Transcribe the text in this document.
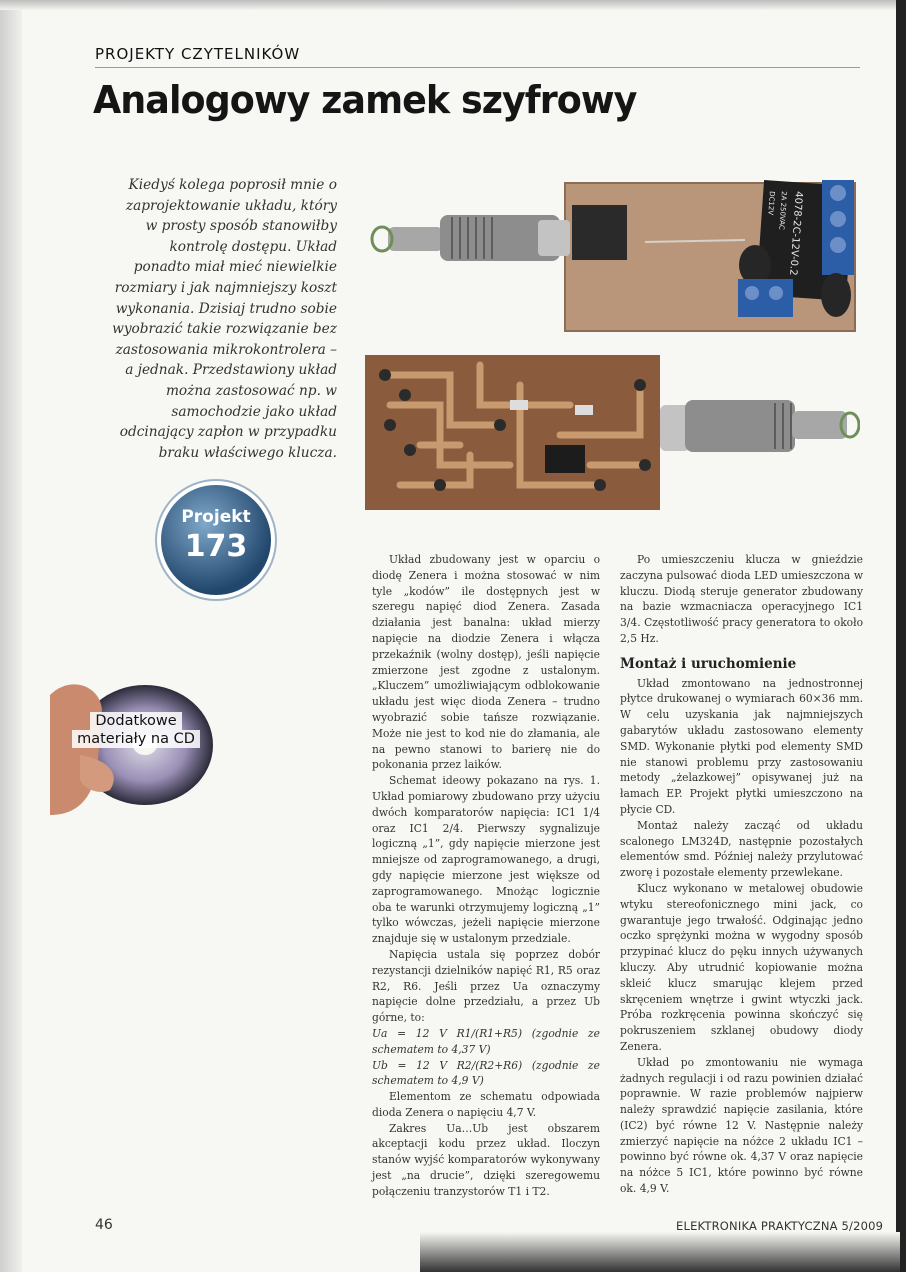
PROJEKTY CZYTELNIKÓW
Analogowy zamek szyfrowy
Kiedyś kolega poprosił mnie o zaprojektowanie układu, który w prosty sposób stanowiłby kontrolę dostępu. Układ ponadto miał mieć niewielkie rozmiary i jak najmniejszy koszt wykonania. Dzisiaj trudno sobie wyobrazić takie rozwiązanie bez zastosowania mikrokontrolera – a jednak. Przedstawiony układ można zastosować np. w samochodzie jako układ odcinający zapłon w przypadku braku właściwego klucza.
4078-2C-12V-0.2
2A 250VAC
DC12V
Projekt
173
Dodatkowe
materiały na CD

Układ zbudowany jest w oparciu o diodę Zenera i można stosować w nim tyle „kodów” ile dostępnych jest w szeregu napięć diod Zenera. Zasada działania jest banalna: układ mierzy napięcie na diodzie Zenera i włącza przekaźnik (wolny dostęp), jeśli napięcie zmierzone jest zgodne z ustalonym. „Kluczem” umożliwiającym odblokowanie układu jest więc dioda Zenera – trudno wyobrazić sobie tańsze rozwiązanie. Może nie jest to kod nie do złamania, ale na pewno stanowi to barierę nie do pokonania przez laików.

Schemat ideowy pokazano na rys. 1. Układ pomiarowy zbudowano przy użyciu dwóch komparatorów napięcia: IC1 1/4 oraz IC1 2/4. Pierwszy sygnalizuje logiczną „1”, gdy napięcie mierzone jest mniejsze od zaprogramowanego, a drugi, gdy napięcie mierzone jest większe od zaprogramowanego. Mnożąc logicznie oba te warunki otrzymujemy logiczną „1” tylko wówczas, jeżeli napięcie mierzone znajduje się w ustalonym przedziale.

Napięcia ustala się poprzez dobór rezystancji dzielników napięć R1, R5 oraz R2, R6. Jeśli przez Ua oznaczymy napięcie dolne przedziału, a przez Ub górne, to:

Ua = 12 V R1/(R1+R5) (zgodnie ze schematem to 4,37 V)

Ub = 12 V R2/(R2+R6) (zgodnie ze schematem to 4,9 V)

Elementom ze schematu odpowiada dioda Zenera o napięciu 4,7 V.

Zakres Ua…Ub jest obszarem akceptacji kodu przez układ. Iloczyn stanów wyjść komparatorów wykonywany jest „na drucie”, dzięki szeregowemu połączeniu tranzystorów T1 i T2.

Po umieszczeniu klucza w gnieździe zaczyna pulsować dioda LED umieszczona w kluczu. Diodą steruje generator zbudowany na bazie wzmacniacza operacyjnego IC1 3/4. Częstotliwość pracy generatora to około 2,5 Hz.

Montaż i uruchomienie

Układ zmontowano na jednostronnej płytce drukowanej o wymiarach 60×36 mm. W celu uzyskania jak najmniejszych gabarytów układu zastosowano elementy SMD. Wykonanie płytki pod elementy SMD nie stanowi problemu przy zastosowaniu metody „żelazkowej” opisywanej już na łamach EP. Projekt płytki umieszczono na płycie CD.

Montaż należy zacząć od układu scalonego LM324D, następnie pozostałych elementów smd. Później należy przylutować zworę i pozostałe elementy przewlekane.

Klucz wykonano w metalowej obudowie wtyku stereofonicznego mini jack, co gwarantuje jego trwałość. Odginając jedno oczko sprężynki można w wygodny sposób przypinać klucz do pęku innych używanych kluczy. Aby utrudnić kopiowanie można skleić klucz smarując klejem przed skręceniem wnętrze i gwint wtyczki jack. Próba rozkręcenia powinna skończyć się pokruszeniem szklanej obudowy diody Zenera.

Układ po zmontowaniu nie wymaga żadnych regulacji i od razu powinien działać poprawnie. W razie problemów najpierw należy sprawdzić napięcie zasilania, które (IC2) być równe 12 V. Następnie należy zmierzyć napięcie na nóżce 2 układu IC1 – powinno być równe ok. 4,37 V oraz napięcie na nóżce 5 IC1, które powinno być równe ok. 4,9 V.

46	ELEKTRONIKA PRAKTYCZNA 5/2009
